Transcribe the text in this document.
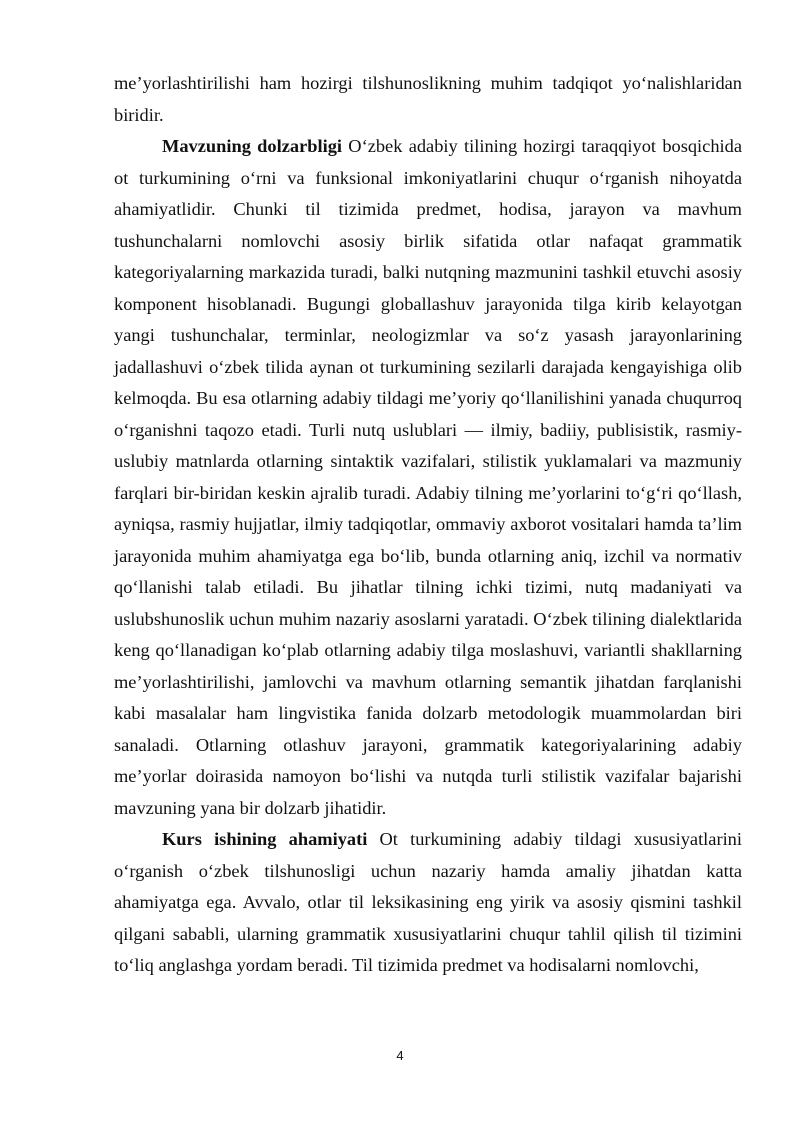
me’yorlashtirilishi ham hozirgi tilshunoslikning muhim tadqiqot yo‘nalishlaridan biridir.

Mavzuning dolzarbligi O‘zbek adabiy tilining hozirgi taraqqiyot bosqichida ot turkumining o‘rni va funksional imkoniyatlarini chuqur o‘rganish nihoyatda ahamiyatlidir. Chunki til tizimida predmet, hodisa, jarayon va mavhum tushunchalarni nomlovchi asosiy birlik sifatida otlar nafaqat grammatik kategoriyalarning markazida turadi, balki nutqning mazmunini tashkil etuvchi asosiy komponent hisoblanadi. Bugungi globallashuv jarayonida tilga kirib kelayotgan yangi tushunchalar, terminlar, neologizmlar va so‘z yasash jarayonlarining jadallashuvi o‘zbek tilida aynan ot turkumining sezilarli darajada kengayishiga olib kelmoqda. Bu esa otlarning adabiy tildagi me’yoriy qo‘llanilishini yanada chuqurroq o‘rganishni taqozo etadi. Turli nutq uslublari — ilmiy, badiiy, publisistik, rasmiy-uslubiy matnlarda otlarning sintaktik vazifalari, stilistik yuklamalari va mazmuniy farqlari bir-biridan keskin ajralib turadi. Adabiy tilning me’yorlarini to‘g‘ri qo‘llash, ayniqsa, rasmiy hujjatlar, ilmiy tadqiqotlar, ommaviy axborot vositalari hamda ta’lim jarayonida muhim ahamiyatga ega bo‘lib, bunda otlarning aniq, izchil va normativ qo‘llanishi talab etiladi. Bu jihatlar tilning ichki tizimi, nutq madaniyati va uslubshunoslik uchun muhim nazariy asoslarni yaratadi. O‘zbek tilining dialektlarida keng qo‘llanadigan ko‘plab otlarning adabiy tilga moslashuvi, variantli shakllarning me’yorlashtirilishi, jamlovchi va mavhum otlarning semantik jihatdan farqlanishi kabi masalalar ham lingvistika fanida dolzarb metodologik muammolardan biri sanaladi. Otlarning otlashuv jarayoni, grammatik kategoriyalarining adabiy me’yorlar doirasida namoyon bo‘lishi va nutqda turli stilistik vazifalar bajarishi mavzuning yana bir dolzarb jihatidir.

Kurs ishining ahamiyati Ot turkumining adabiy tildagi xususiyatlarini o‘rganish o‘zbek tilshunosligi uchun nazariy hamda amaliy jihatdan katta ahamiyatga ega. Avvalo, otlar til leksikasining eng yirik va asosiy qismini tashkil qilgani sababli, ularning grammatik xususiyatlarini chuqur tahlil qilish til tizimini to‘liq anglashga yordam beradi. Til tizimida predmet va hodisalarni nomlovchi,

4
